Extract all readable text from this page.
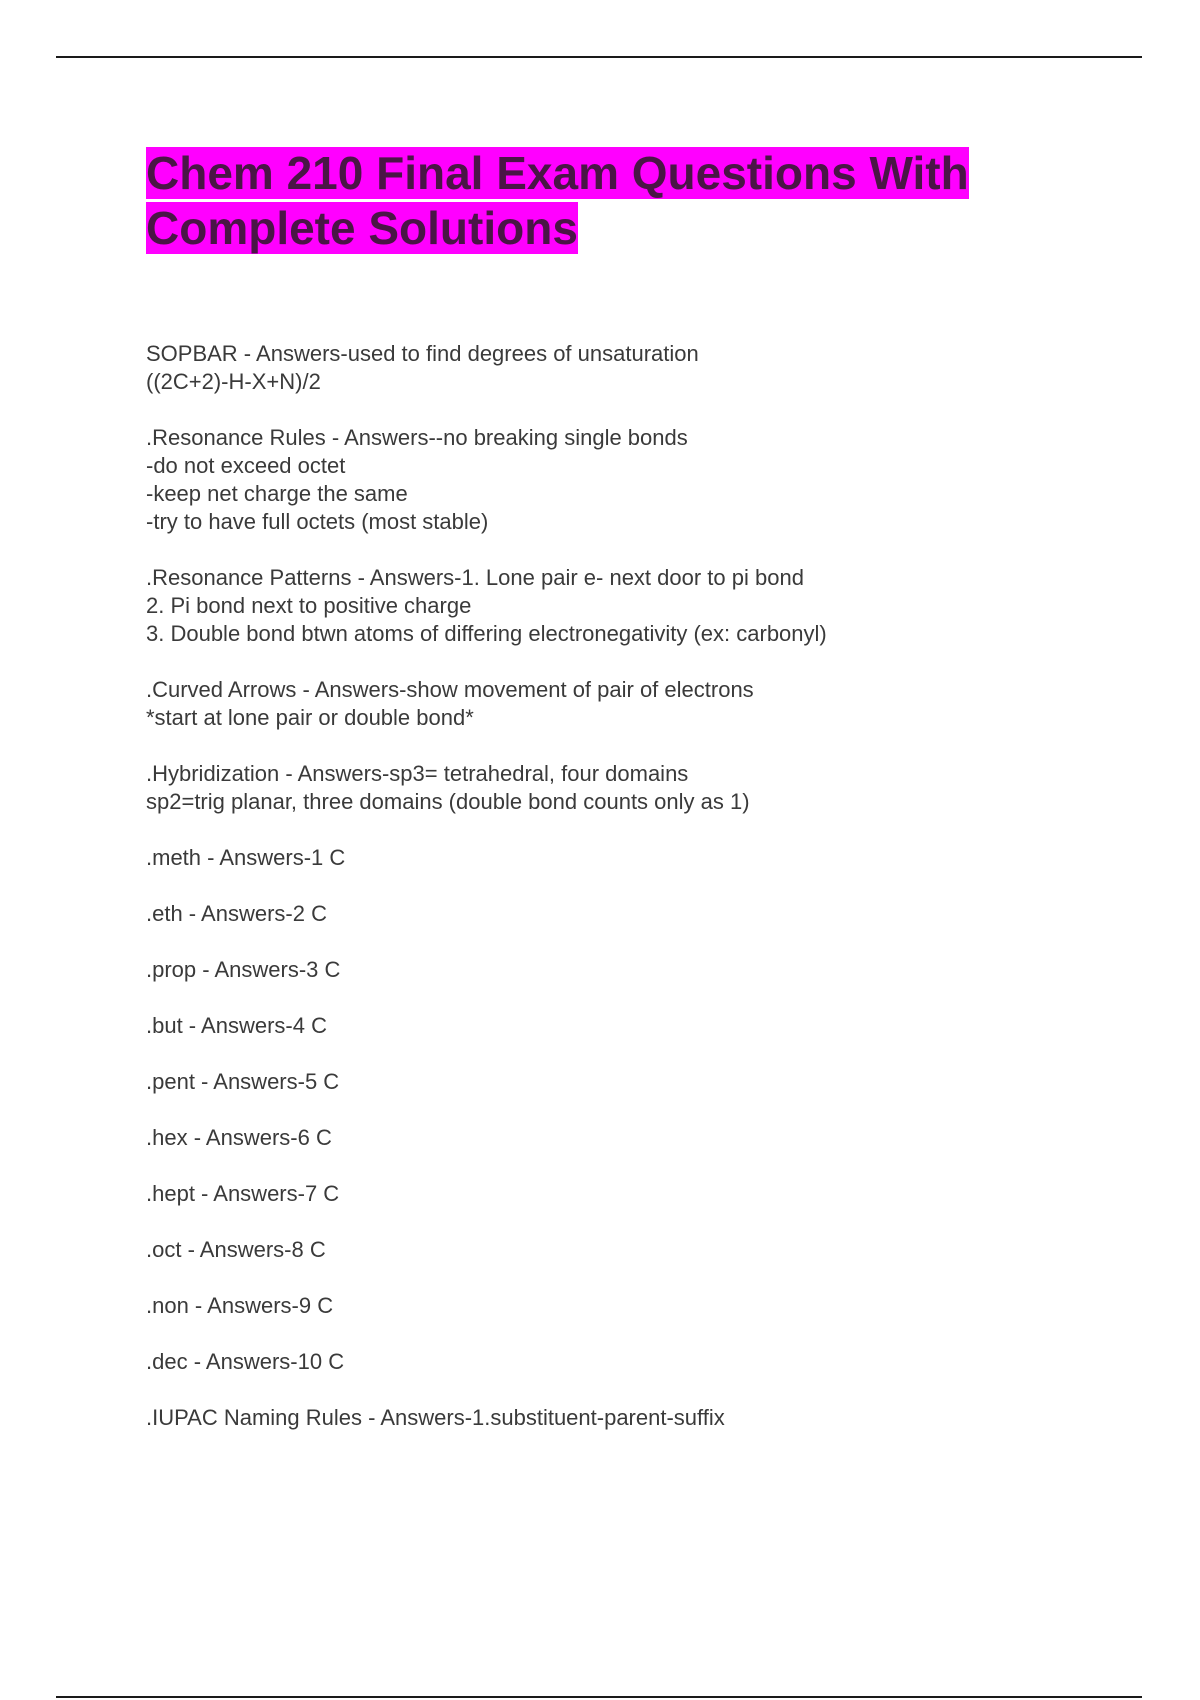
Chem 210 Final Exam Questions With
Complete Solutions

SOPBAR - Answers-used to find degrees of unsaturation

((2C+2)-H-X+N)/2

.Resonance Rules - Answers--no breaking single bonds

-do not exceed octet

-keep net charge the same

-try to have full octets (most stable)

.Resonance Patterns - Answers-1. Lone pair e- next door to pi bond

2. Pi bond next to positive charge

3. Double bond btwn atoms of differing electronegativity (ex: carbonyl)

.Curved Arrows - Answers-show movement of pair of electrons

*start at lone pair or double bond*

.Hybridization - Answers-sp3= tetrahedral, four domains

sp2=trig planar, three domains (double bond counts only as 1)

.meth - Answers-1 C

.eth - Answers-2 C

.prop - Answers-3 C

.but - Answers-4 C

.pent - Answers-5 C

.hex - Answers-6 C

.hept - Answers-7 C

.oct - Answers-8 C

.non - Answers-9 C

.dec - Answers-10 C

.IUPAC Naming Rules - Answers-1.substituent-parent-suffix
